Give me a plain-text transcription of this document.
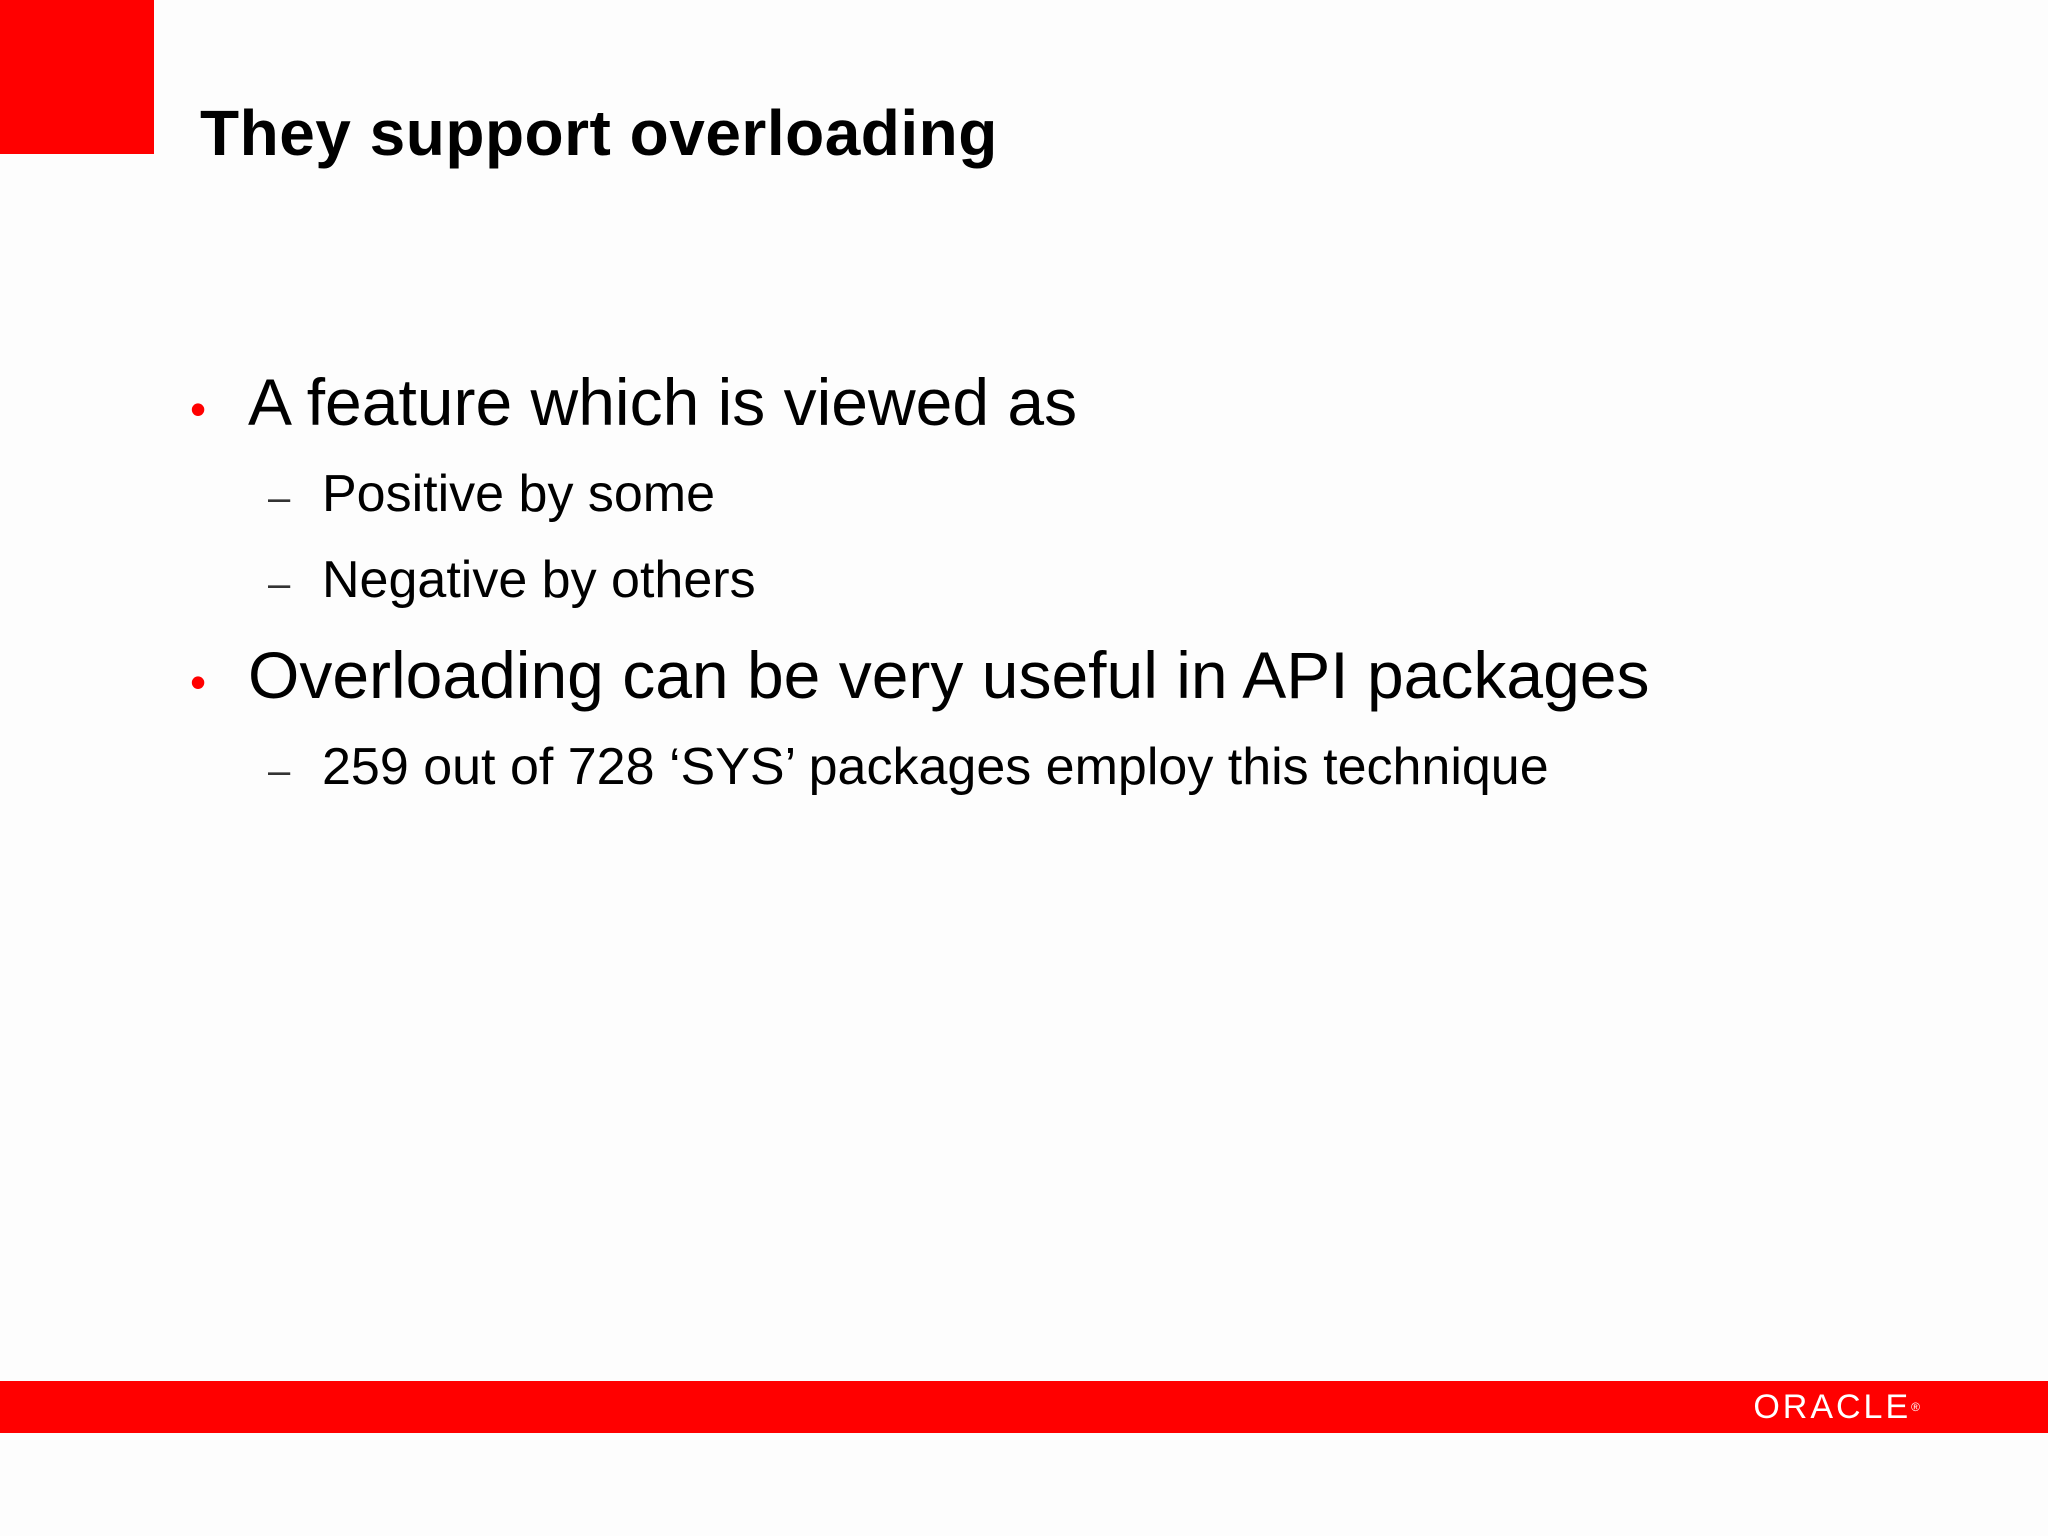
They support overloading
• A feature which is viewed as
– Positive by some
– Negative by others
• Overloading can be very useful in API packages
– 259 out of 728 ‘SYS’ packages employ this technique
ORACLE®
